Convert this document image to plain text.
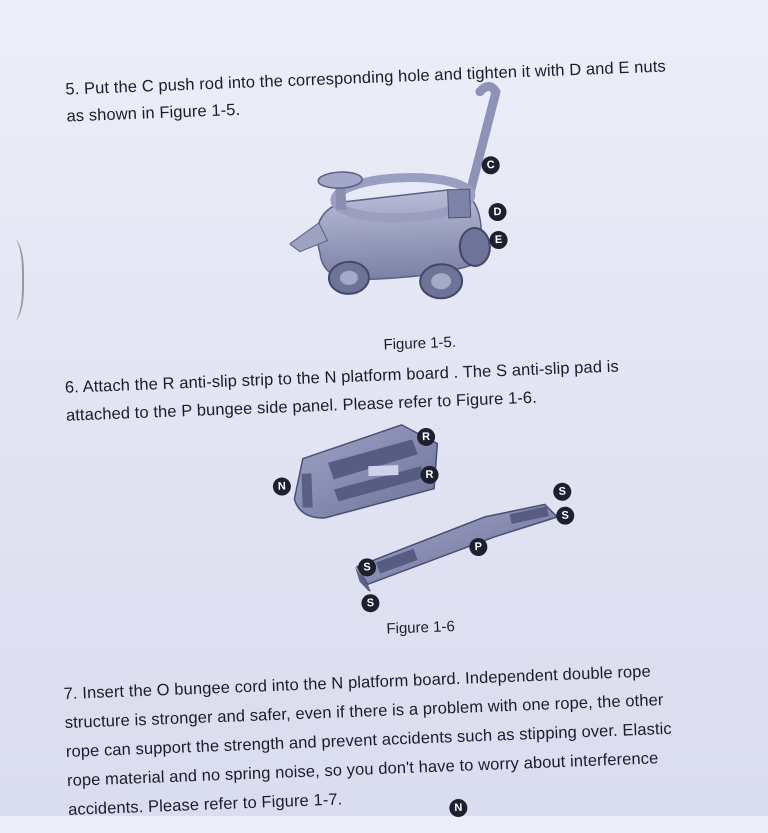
5. Put the C push rod into the corresponding hole and tighten it with D and E nuts
as shown in Figure 1-5.
C
D
E
Figure 1-5.
6. Attach the R anti-slip strip to the N platform board . The S anti-slip pad is
attached to the P bungee side panel. Please refer to Figure 1-6.
R
R
N	S
S
P
S
S
Figure 1-6
7. Insert the O bungee cord into the N platform board. Independent double rope
structure is stronger and safer, even if there is a problem with one rope, the other
rope can support the strength and prevent accidents such as stipping over. Elastic
rope material and no spring noise, so you don't have to worry about interference
accidents. Please refer to Figure 1-7.	N
